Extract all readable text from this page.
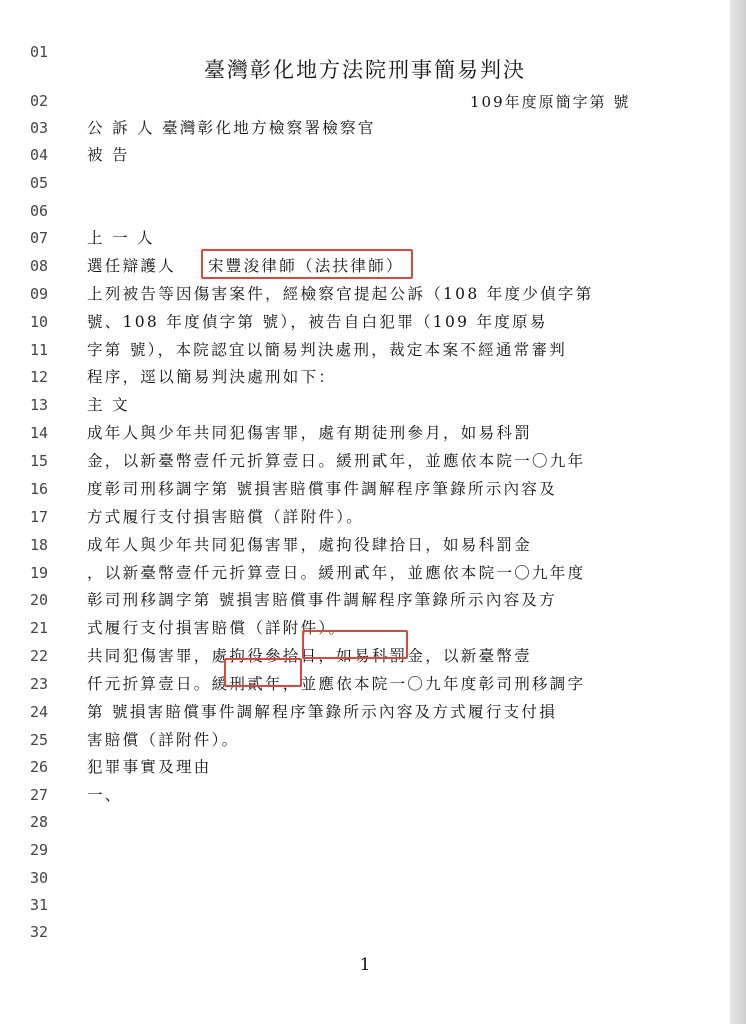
01
臺灣彰化地方法院刑事簡易判決
02	109年度原簡字第 號
03	公 訴 人 臺灣彰化地方檢察署檢察官
04	被 告
05
06
07	上 一 人
08	選任辯護人	宋豐浚律師（法扶律師）
09	上列被告等因傷害案件，經檢察官提起公訴（108 年度少偵字第
10	號、108 年度偵字第 號），被告自白犯罪（109 年度原易
11	字第 號），本院認宜以簡易判決處刑，裁定本案不經通常審判
12	程序，逕以簡易判決處刑如下：
13	主 文
14	成年人與少年共同犯傷害罪，處有期徒刑參月，如易科罰
15	金，以新臺幣壹仟元折算壹日。緩刑貳年，並應依本院一〇九年
16	度彰司刑移調字第 號損害賠償事件調解程序筆錄所示內容及
17	方式履行支付損害賠償（詳附件）。
18	成年人與少年共同犯傷害罪，處拘役肆拾日，如易科罰金
19	，以新臺幣壹仟元折算壹日。緩刑貳年，並應依本院一〇九年度
20	彰司刑移調字第 號損害賠償事件調解程序筆錄所示內容及方
21	式履行支付損害賠償（詳附件）。
22	共同犯傷害罪，處拘役參拾日，如易科罰金，以新臺幣壹
23	仟元折算壹日。緩刑貳年，並應依本院一〇九年度彰司刑移調字
24	第 號損害賠償事件調解程序筆錄所示內容及方式履行支付損
25	害賠償（詳附件）。
26	犯罪事實及理由
27	一、
28
29
30
31
32
1
